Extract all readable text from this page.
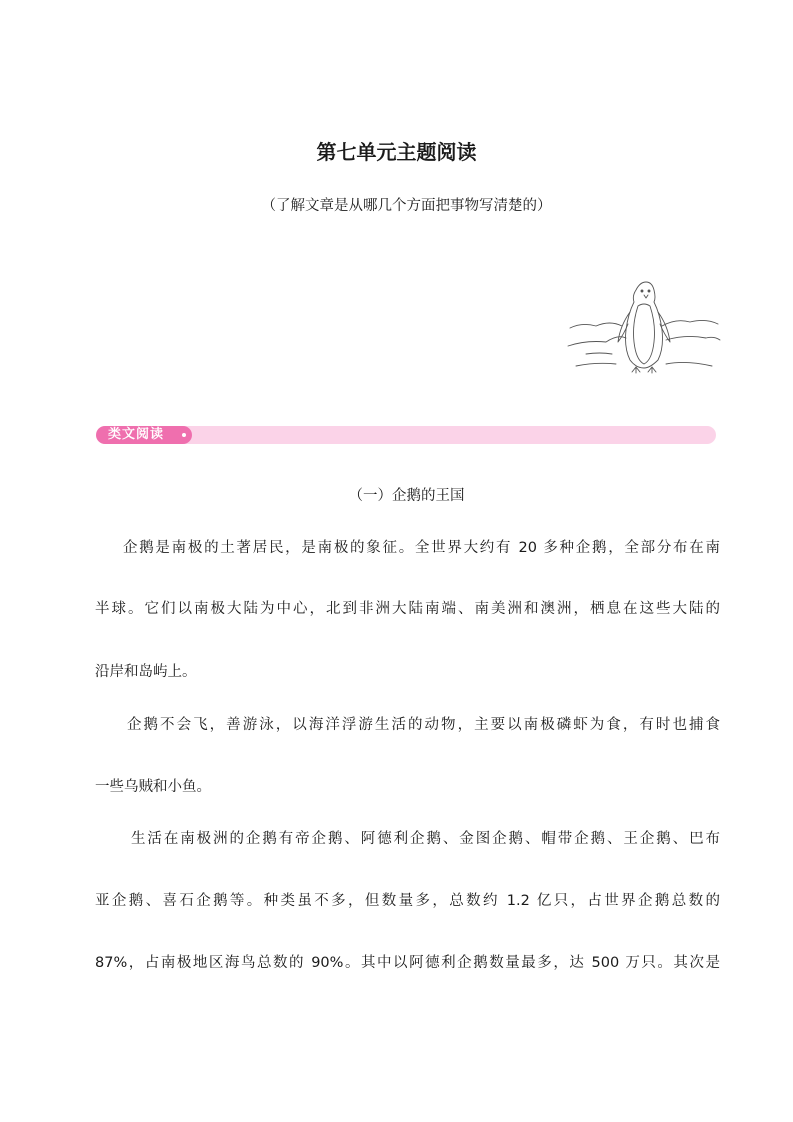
第七单元主题阅读
（了解文章是从哪几个方面把事物写清楚的）
类文阅读
（一）企鹅的王国
企鹅是南极的土著居民，是南极的象征。全世界大约有 20 多种企鹅，全部分布在南
半球。它们以南极大陆为中心，北到非洲大陆南端、南美洲和澳洲，栖息在这些大陆的
沿岸和岛屿上。
企鹅不会飞，善游泳，以海洋浮游生活的动物，主要以南极磷虾为食，有时也捕食
一些乌贼和小鱼。
生活在南极洲的企鹅有帝企鹅、阿德利企鹅、金图企鹅、帽带企鹅、王企鹅、巴布
亚企鹅、喜石企鹅等。种类虽不多，但数量多，总数约 1.2 亿只，占世界企鹅总数的
87%，占南极地区海鸟总数的 90%。其中以阿德利企鹅数量最多，达 500 万只。其次是
